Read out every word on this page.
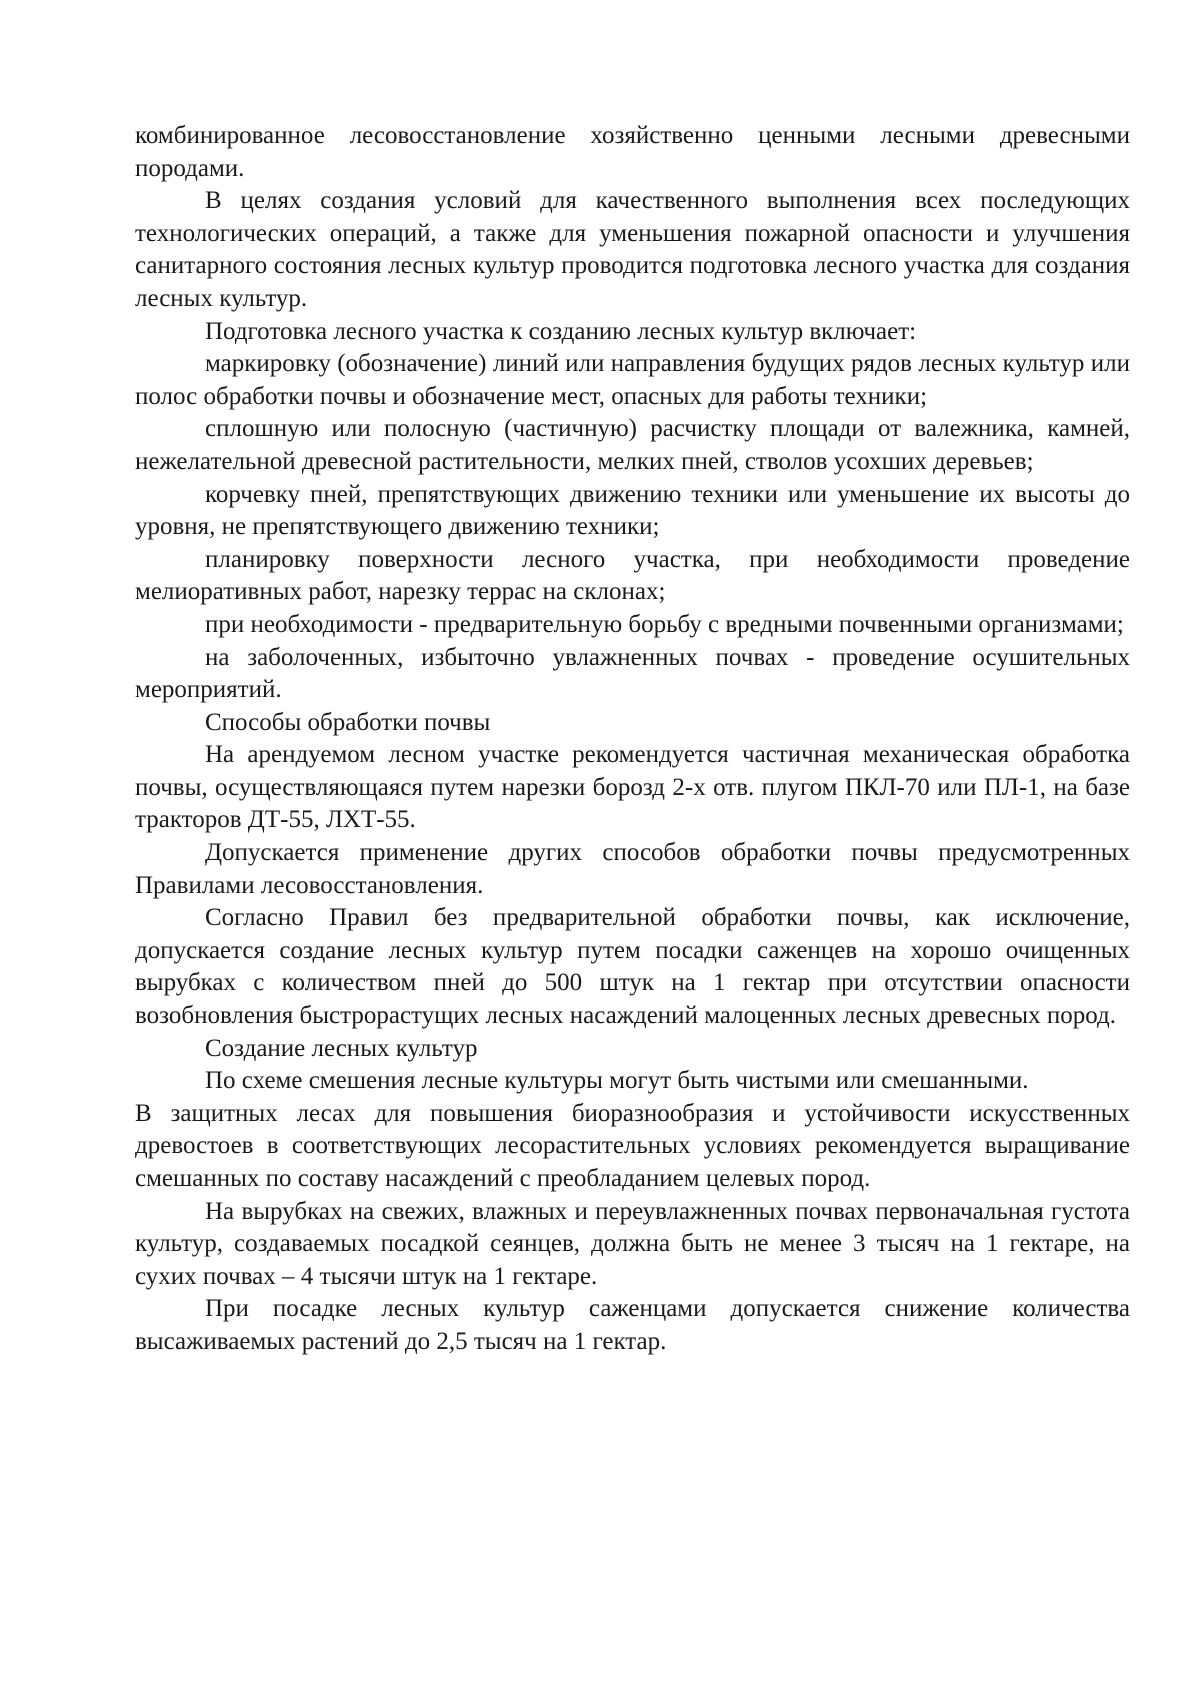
комбинированное лесовосстановление хозяйственно ценными лесными древесными породами.

В целях создания условий для качественного выполнения всех последующих технологических операций, а также для уменьшения пожарной опасности и улучшения санитарного состояния лесных культур проводится подготовка лесного участка для создания лесных культур.

Подготовка лесного участка к созданию лесных культур включает:

маркировку (обозначение) линий или направления будущих рядов лесных культур или полос обработки почвы и обозначение мест, опасных для работы техники;

сплошную или полосную (частичную) расчистку площади от валежника, камней, нежелательной древесной растительности, мелких пней, стволов усохших деревьев;

корчевку пней, препятствующих движению техники или уменьшение их высоты до уровня, не препятствующего движению техники;

планировку поверхности лесного участка, при необходимости проведение мелиоративных работ, нарезку террас на склонах;

при необходимости - предварительную борьбу с вредными почвенными организмами;

на заболоченных, избыточно увлажненных почвах - проведение осушительных мероприятий.

Способы обработки почвы

На арендуемом лесном участке рекомендуется частичная механическая обработка почвы, осуществляющаяся путем нарезки борозд 2-х отв. плугом ПКЛ-70 или ПЛ-1, на базе тракторов ДТ-55, ЛХТ-55.

Допускается применение других способов обработки почвы предусмотренных Правилами лесовосстановления.

Согласно Правил без предварительной обработки почвы, как исключение, допускается создание лесных культур путем посадки саженцев на хорошо очищенных вырубках с количеством пней до 500 штук на 1 гектар при отсутствии опасности возобновления быстрорастущих лесных насаждений малоценных лесных древесных пород.

Создание лесных культур

По схеме смешения лесные культуры могут быть чистыми или смешанными.

В защитных лесах для повышения биоразнообразия и устойчивости искусственных древостоев в соответствующих лесорастительных условиях рекомендуется выращивание смешанных по составу насаждений с преобладанием целевых пород.

На вырубках на свежих, влажных и переувлажненных почвах первоначальная густота культур, создаваемых посадкой сеянцев, должна быть не менее 3 тысяч на 1 гектаре, на сухих почвах – 4 тысячи штук на 1 гектаре.

При посадке лесных культур саженцами допускается снижение количества высаживаемых растений до 2,5 тысяч на 1 гектар.
